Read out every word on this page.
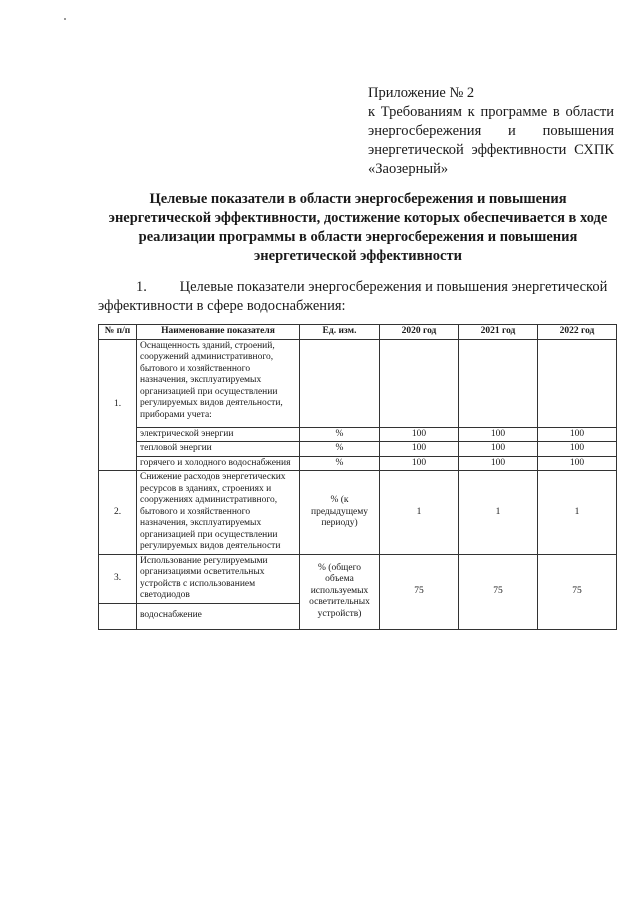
Приложение № 2
к Требованиям к программе в области энергосбережения и повышения энергетической эффективности СХПК «Заозерный»
Целевые показатели в области энергосбережения и повышения энергетической эффективности, достижение которых обеспечивается в ходе реализации программы в области энергосбережения и повышения энергетической эффективности
1. Целевые показатели энергосбережения и повышения энергетической эффективности в сфере водоснабжения:
№ п/п	Наименование показателя	Ед. изм.	2020 год	2021 год	2022 год
1.	Оснащенность зданий, строений, сооружений административного, бытового и хозяйственного назначения, эксплуатируемых организацией при осуществлении регулируемых видов деятельности, приборами учета:				
	электрической энергии	%	100	100	100
	тепловой энергии	%	100	100	100
	горячего и холодного водоснабжения	%	100	100	100
2.	Снижение расходов энергетических ресурсов в зданиях, строениях и сооружениях административного, бытового и хозяйственного назначения, эксплуатируемых организацией при осуществлении регулируемых видов деятельности	% (к предыдущему периоду)	1	1	1
3.	Использование регулируемыми организациями осветительных устройств с использованием светодиодов	% (общего объема используемых осветительных устройств)	75	75	75
	водоснабжение				
